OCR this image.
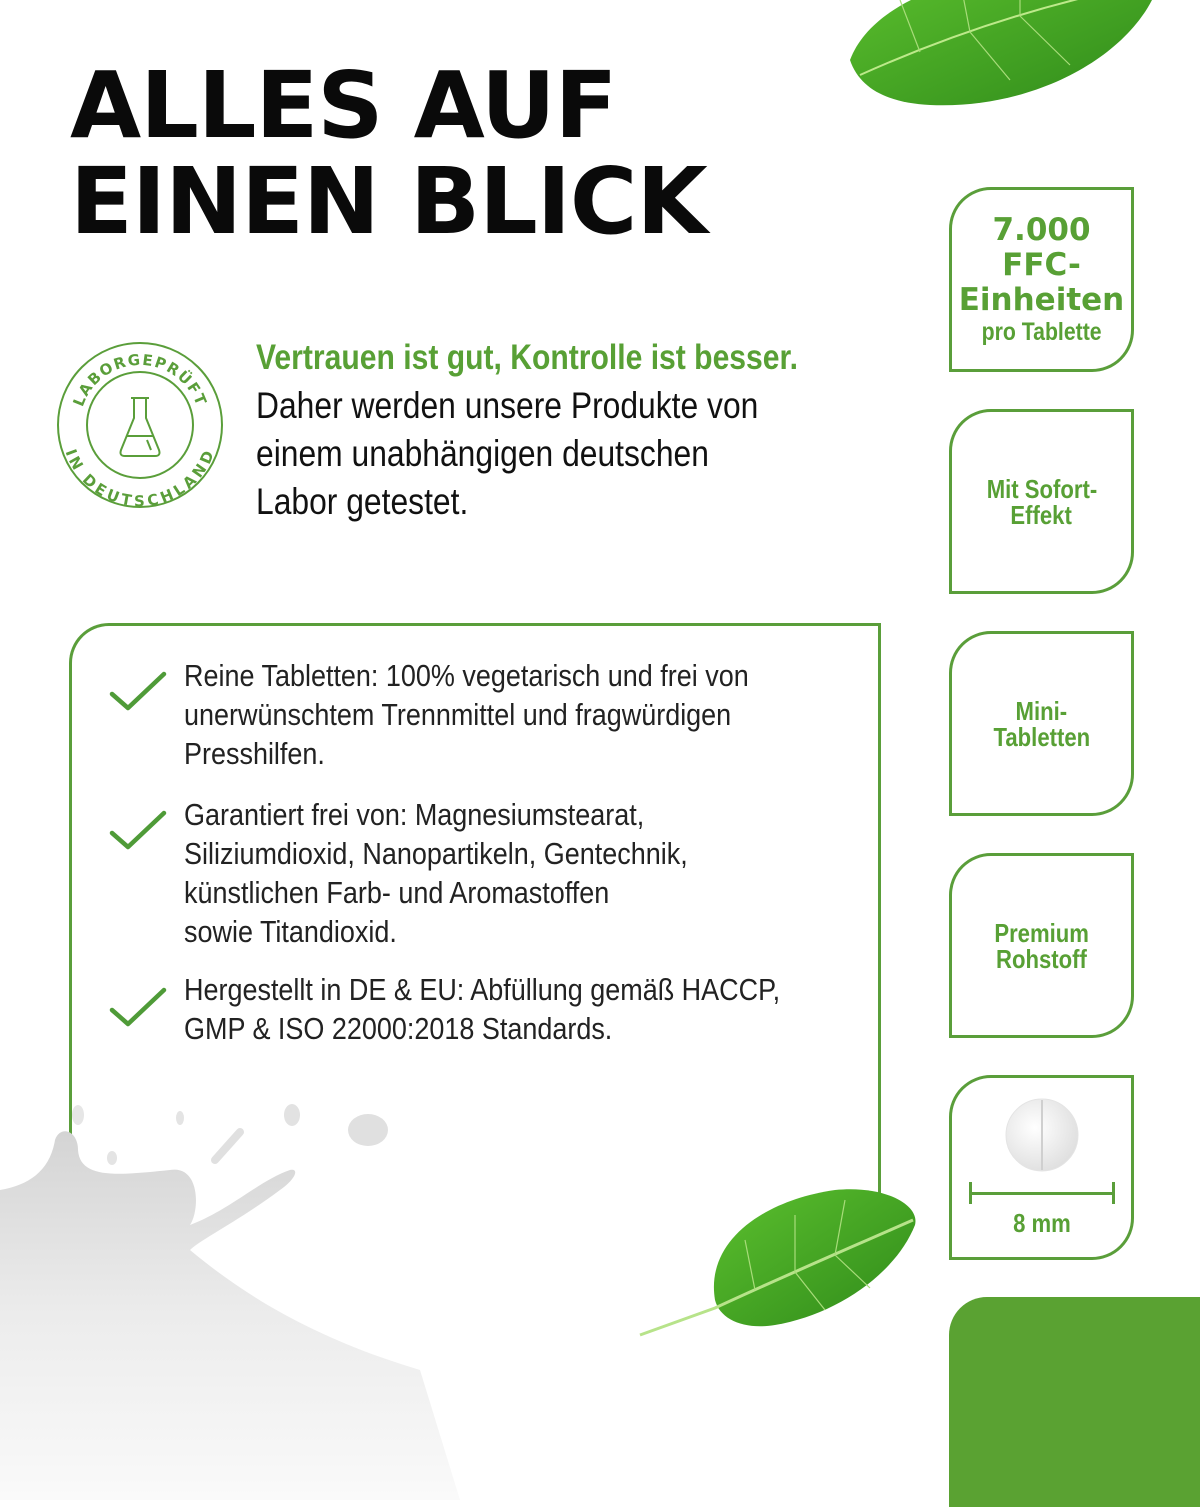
ALLES AUF
EINEN BLICK
LABORGEPRÜFT
IN DEUTSCHLAND
Vertrauen ist gut, Kontrolle ist besser.
Daher werden unsere Produkte von
einem unabhängigen deutschen
Labor getestet.
Reine Tabletten: 100% vegetarisch und frei von
unerwünschtem Trennmittel und fragwürdigen
Presshilfen.
Garantiert frei von: Magnesiumstearat,
Siliziumdioxid, Nanopartikeln, Gentechnik,
künstlichen Farb- und Aromastoffen
sowie Titandioxid.
Hergestellt in DE & EU: Abfüllung gemäß HACCP,
GMP & ISO 22000:2018 Standards.
7.000
FFC-
Einheiten
pro Tablette
Mit Sofort-
Effekt
Mini-
Tabletten
Premium
Rohstoff
8 mm
